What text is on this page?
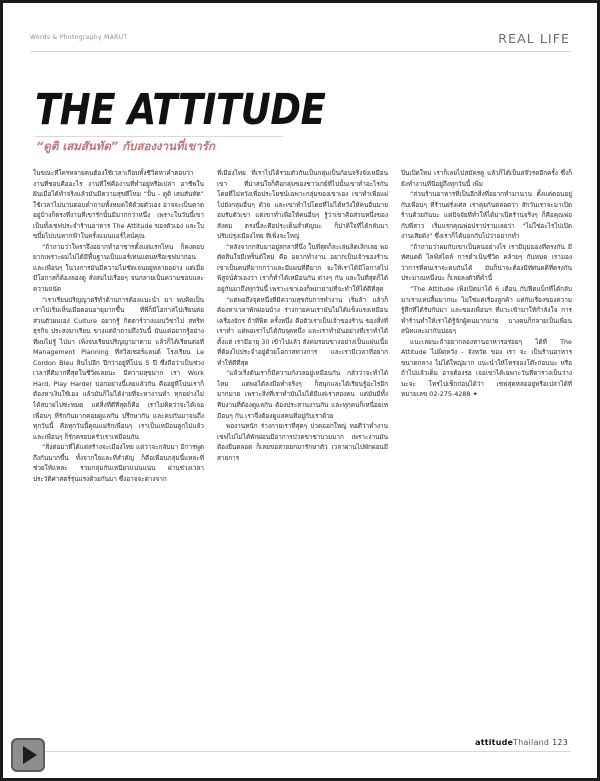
Words & Photography MARUT	REAL LIFE
THE ATTITUDE
“ดูติ เสมสันทัด” กับสองงานที่เขารัก

ในขณะที่ใครหลายคนต้องใช้เวลาเกือบทั้งชีวิตหาคำตอบว่า งานที่ชอบคืออะไร งานที่ใช่คืองานที่ทำอยู่หรือเปล่า อาชีพในฝันเมื่อได้ทำจริงแล้วมันมีความสุขดีไหม “ปั้น - ดูติ เสมสันทัด” ใช้เวลาไม่นานตอบคำถามทั้งหมดให้ด้วยตัวเอง อาจจะเป็นคาดอยู่บ้างก็ตรงที่งานที่เขารักนั้นมีมากกว่าหนึ่ง เพราะในวันนี้เขาเป็นทั้งเชฟประจำร้านอาหาร The Attitude ของตัวเอง และใบขบี้ยไปบนหากฟ้าในครั้งแมนแอร์ไลน์คุณ

“ถ้าถามว่าใพราจึงอยากทำอาชารตั้งแต่แรกไหน ก็คงตอบยากเพราะผมไม่ได้มีพื้นฐานเป็นแอร์เทนแดนหรือเชฟมาก่อน และเพื่อนๆ ในวงการมันมีความไม่ชัดเจนอยู่หลายอย่าง แต่เมื่อมีโอกาสก็ต้องลองดู สั่งสมไปเรื่อยๆ จนกลายเป็นความชอบและความถนัด

“เราเรียนปริญญาตรีทำด้านการต้องแนะนำ มา พบคิดเป็นเราไปเริ่มเห็นเมื่อตอนอายุมากขึ้น ที่พี่ก็มีโอกาสไปเรียนต่อ ส่วนตัวผมเอง Culture อยากรู้ กิตตาร์วางแผนวิชาไป สทริทธุรกิจ ประสงมาเรียน ขางแต่ถ้าถามถึงวันนี้ มันแค่อยากรู้อย่างที่ผมไม่รู้ ไปมา เพิ่งจบเรียนปริญญามาตาม แล้วก็ได้เรียนต่อที่ Management Planning ที่สวิสเซอร์แลนด์ โรงเรียน Le Cordon Bleu สินไปอีก ปีกว่าอยู่ที่โน่น 5 ปี ซึ่งถือว่าเป็นช่วงเวลาที่ดีมากที่สุดในชีวิตเลยนะ มีความสุขมาก เรา Work Hard, Play Harder บอกอย่างนี้เลยแล้วกัน คืออยู่ที่โน่นเราก็ต้องหาเงินใช้เอง แล้วมันก็ไม่ได้ง่ายที่จะหางานทำ ทุกอย่างไม่ได้สบายไปซะหมด แต่สิ่งที่ดีที่สุดก็คือ เราไม่คิดว่าจะได้เจอเพื่อนๆ ที่รักกันมากคอยดูแลกัน ปรึกษากัน และคบกันมาจนถึงทุกวันนี้ คือทุกวันนี้คุณแม่รักเพื่อนๆ เราเป็นเหมือนลูกไปแล้ว และเพื่อนๆ ก็รักครอบครัวเราเหมือนกัน

“สิ่งต่อมาที่ได้แต่สร้างจะเมืองไทย แต่ว่าจะกลับมา มีการพูดถึงกันมากขึ้น ทั้งจากใจและที่สำคัญ ก็คือเพื่อนกลุ่มนี้แหละที่ช่วยให้แหละ รวมกลุ่มกันเหนียวแน่นแน่น ผ่านช่วงเวลาประวัติศาสตร์รุ่นแรงด้วยกันมา ซึ่งอาจจะต่างจาก

ที่เมืองไทย ที่เราไปได้รวมตัวกันเป็นกลุ่มเป็นก้อนจริงจังเหมือนเขา ที่ปาสนใจก็คือกลุ่มของชาวเกย์ที่ไปนั้นเขาทำอะไรกันโดยที่ไม่หวังเพื่อประโยชน์เฉพาะกลุ่มของเขาเอง เขาทำเพื่อแผ่ไปยังกลุ่มอื่นๆ ด้วย และเขาทำไปโดยที่ไม่ได้หวังให้คนอื่นมายอมรับตัวเขา แต่เขาทำเพื่อให้คนอื่นๆ รู้ว่าเขาคือส่วนหนึ่งของสังคม ตรงนี้ละคือประเด็นสำคัญนะ ก็ปาติใจที่ได้กลับมาปรับปรุงเมืองไทย ที่เพิ่งจะใหญ่

“หลังจากกลับมาอยู่สกลาที่นึ่ง ในที่สุดก็ละเล่นลิตเลิกเลย พอตัดสินใจมีเทร็นด์ใหม่ คือ อยากทำงาน อยากเป็นเจ้าของร้าน เขาเป็นคนที่มากกว่าและมีแผนที่ดีมาก จะให้เราได้มีโอกาสไปพิสูจน์ตัวเองว่า เราก็ทำได้เหมือนกัน ต่างๆ กัน และในที่สุดก็ได้อยู่กันมาถึงทุกวันนี้ เพราะเขาเองก็พยายามที่จะทำให้ได้ดีที่สุด

“แต่พอถึงจุดหนึ่งที่มีความสุขกับการทำงาน เริ่มล้า แล้วก็ต้องหาเวลาพักผ่อนบ้าง ร่างกายคนเรามันไม่ได้แข็งแรงเหมือนเครื่องจักร ถ้าที่ฟิต ครั้งหนึ่ง คือตัวเราเป็นเจ้าของร้าน ของสิ่งที่เราทำ แต่พอเราไปได้กับจุดหนึ่ง และเราทำมันอย่างที่เราทำได้ตั้งแต่ เรามีอายุ 30 เข้าไปแล้ว สังคมรอบขางอย่างเป็นแผ่นเนื้อ ที่ต้องไปประจำอยู่ด้วยโอกาสทางการ และเรามีเวลาที่อยากทำให้ดีที่สุด

“แล้วเริ่งต้นเราก็มีความกังวลอยู่เหมือนกัน กลัวว่าจะทำได้ไหม แต่พอได้ลงมือทำจริงๆ ก็สนุกและได้เรียนรู้อะไรอีกมากมาย เพราะสิ่งที่เราทำมันไม่ได้มีแค่เราสองคน แต่มันมีทั้งทีมงานที่ต้องดูแลกัน ต้องประสานงานกัน และทุกคนก็เหนื่อยเหมือนๆ กัน เราจึงต้องดูแลคนที่อยู่กับเราด้วย

พองานหนัก ร่างกายเราที่สุดๆ ปวดออกใหญ่ ทอดีว่าทำงานเชฟไปไม่ได้พักผ่อนมีอาการปวดขาชาบวมมาก เพราะงานมันต้องยืนตลอด ก็เลยขอสายยกมารักษาตัว เวลาผ่านไปพักผ่อนมีสายการ

ปินเปิดใหม่ เราก็เลยไปสมัครดู แล้วก็ได้เป็นสจ๊วรดอีกครั้ง ซึ่งก็ยังทำงานที่นี่อยู่ถึงทุกวันนี้ เพิ่ม

“ส่วนร้านอาหารที่เป็นอีกสิ่งที่อยากทำมานาน ตั้งแต่ตอนอยู่กับเพื่อนๆ ที่ร้านฝรั่งเศส เราคุยกันตลอดว่า สักวันเราจะมาเปิดร้านด้วยกันนะ แต่ปัจจัยที่ทำให้ได้มาเปิดร้านจริงๆ ก็คือคุณพ่อกับพี่สาว เริ่มแรกคุณพ่อปราปรามเลยว่า “ไม่ใช่อะไรไปเปิดงานเสียดัง” ซึ่งเราก็ได้บอกกับไปว่าอยากทำ

“ถ้าถามว่าผมกับเขาเป็นคนอย่างไร เรามีมุมมองที่ตรงกัน มีทัศนคติ ไลฟ์สไตล์ การดำเนินชีวิต คล้ายๆ กันหมด เรามองว่าการที่คนเราจะคบกันได้ มันก็น่าจะต้องมีทัศนคติที่ตรงกันประมาณหนึ่งนะ ก็เลยลงตัวที่คำนี้

“The Attitude เพิ่งเปิดมาได้ 6 เดือน กับฟีดแบ็กที่ได้กลับมาเราแหปลื้มมากนะ ไม่ใช่แค่เรื่องลูกค้า แต่กับเรื่องของความรู้สึกที่ได้รับกับมา และของเพื่อนฯ ที่แวะเข้ามาให้กำลังใจ การทำร้านทำให้เราได้รู้จักผู้คนมากมาย บางคนก็กลายเป็นเพื่อนสนิทและมากันบ่อยๆ

แนะเลยนะถ้าอยากลองทานอาหารอร่อยๆ ได้ที่ The Attitude ไม่ผิดหวัง - จังหวัด ของ เรา จะ เป็นร้านอาหารขนาดกลาง ไม่ได้ใหญ่มาก แนะนำให้โทรจองโต๊ะก่อนนะ หรือถ้าไปแล้วเต็ม อาจต้องรอ เจอเขาได้เฉพาะวันที่ตารางเป็นว่างนะจะ โทรไปเช็กก่อนได้ว่า เชฟสุดหล่ออยู่หรือเปล่าได้ที่หมายเลข 02-275-4288 ✦

attitudeThailand 123
